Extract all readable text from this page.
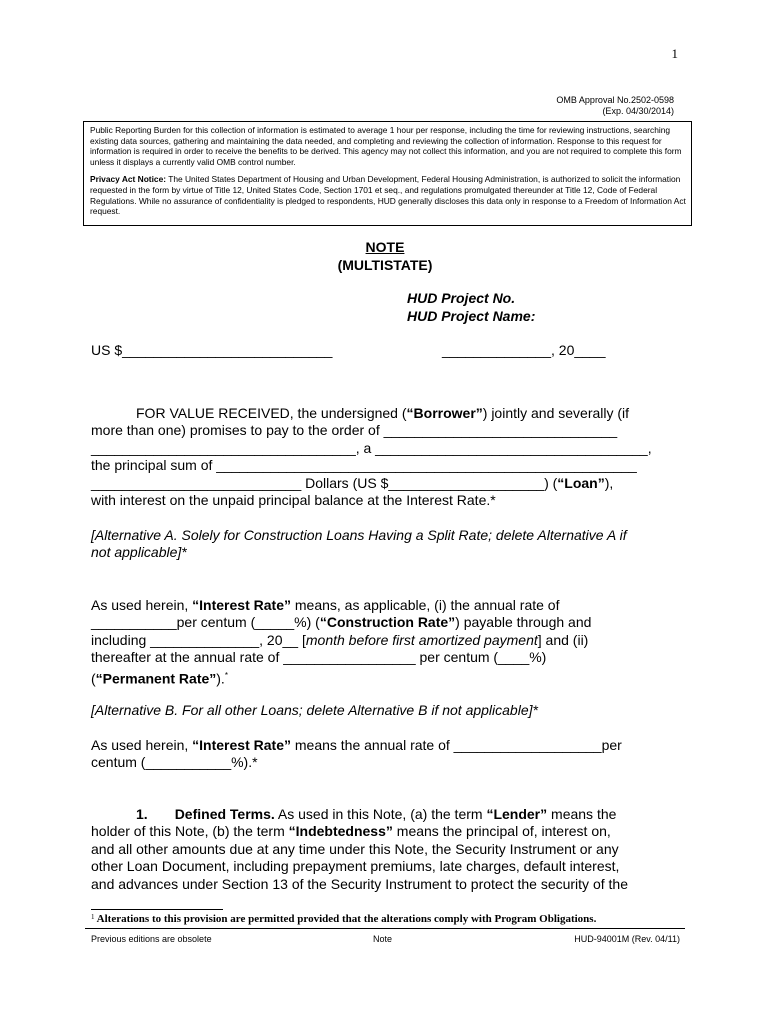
1
OMB Approval No.2502-0598
(Exp. 04/30/2014)

Public Reporting Burden for this collection of information is estimated to average 1 hour per response, including the time for reviewing instructions, searching existing data sources, gathering and maintaining the data needed, and completing and reviewing the collection of information. Response to this request for information is required in order to receive the benefits to be derived. This agency may not collect this information, and you are not required to complete this form unless it displays a currently valid OMB control number.

Privacy Act Notice: The United States Department of Housing and Urban Development, Federal Housing Administration, is authorized to solicit the information requested in the form by virtue of Title 12, United States Code, Section 1701 et seq., and regulations promulgated thereunder at Title 12, Code of Federal Regulations. While no assurance of confidentiality is pledged to respondents, HUD generally discloses this data only in response to a Freedom of Information Act request.

NOTE
(MULTISTATE)
HUD Project No.
HUD Project Name:
US $___________________________	______________, 20____

FOR VALUE RECEIVED, the undersigned (“Borrower”) jointly and severally (if

more than one) promises to pay to the order of ______________________________

__________________________________, a ___________________________________,

the principal sum of ______________________________________________________

___________________________ Dollars (US $____________________) (“Loan”),

with interest on the unpaid principal balance at the Interest Rate.*

[Alternative A. Solely for Construction Loans Having a Split Rate; delete Alternative A if

not applicable]*

As used herein, “Interest Rate” means, as applicable, (i) the annual rate of

___________per centum (_____%) (“Construction Rate”) payable through and

including ______________, 20__ [month before first amortized payment] and (ii)

thereafter at the annual rate of _________________ per centum (____%)

(“Permanent Rate”).*

[Alternative B. For all other Loans; delete Alternative B if not applicable]*

As used herein, “Interest Rate” means the annual rate of ___________________per

centum (___________%).*

1. Defined Terms. As used in this Note, (a) the term “Lender” means the

holder of this Note, (b) the term “Indebtedness” means the principal of, interest on,

and all other amounts due at any time under this Note, the Security Instrument or any

other Loan Document, including prepayment premiums, late charges, default interest,

and advances under Section 13 of the Security Instrument to protect the security of the

$^1$ Alterations to this provision are permitted provided that the alterations comply with Program Obligations.
Previous editions are obsolete	Note	HUD-94001M (Rev. 04/11)
